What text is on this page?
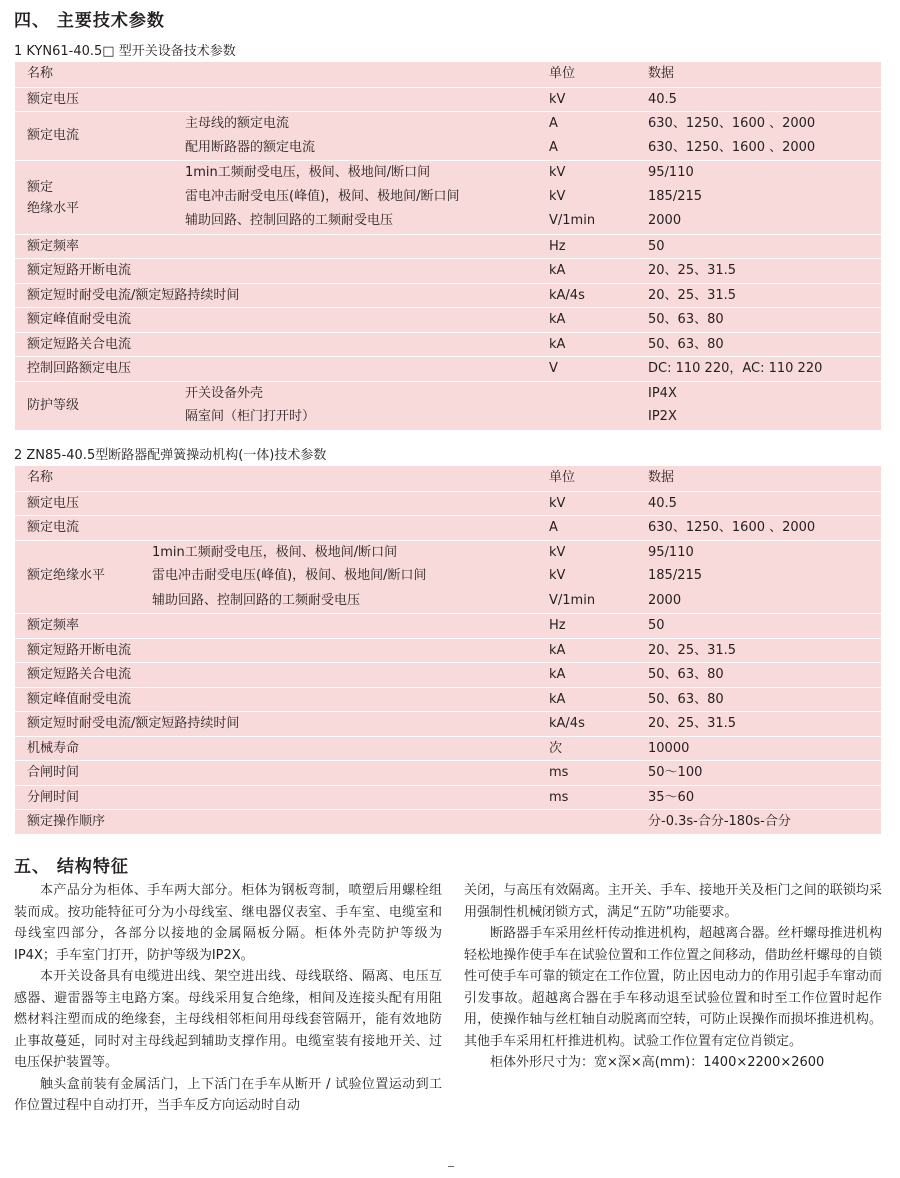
四、 主要技术参数
1 KYN61-40.5□ 型开关设备技术参数
名称	单位	数据
额定电压	kV	40.5
额定电流
主母线的额定电流	A	630、1250、1600 、2000
配用断路器的额定电流	A	630、1250、1600 、2000
额定
绝缘水平
1min工频耐受电压，极间、极地间/断口间	kV	95/110
雷电冲击耐受电压(峰值)，极间、极地间/断口间	kV	185/215
辅助回路、控制回路的工频耐受电压	V/1min	2000
额定频率	Hz	50
额定短路开断电流	kA	20、25、31.5
额定短时耐受电流/额定短路持续时间	kA/4s	20、25、31.5
额定峰值耐受电流	kA	50、63、80
额定短路关合电流	kA	50、63、80
控制回路额定电压	V	DC: 110 220，AC: 110 220
防护等级
开关设备外壳	IP4X
隔室间（柜门打开时）	IP2X
2 ZN85-40.5型断路器配弹簧操动机构(一体)技术参数
名称	单位	数据
额定电压	kV	40.5
额定电流	A	630、1250、1600 、2000
额定绝缘水平
1min工频耐受电压，极间、极地间/断口间	kV	95/110
雷电冲击耐受电压(峰值)，极间、极地间/断口间	kV	185/215
辅助回路、控制回路的工频耐受电压	V/1min	2000
额定频率	Hz	50
额定短路开断电流	kA	20、25、31.5
额定短路关合电流	kA	50、63、80
额定峰值耐受电流	kA	50、63、80
额定短时耐受电流/额定短路持续时间	kA/4s	20、25、31.5
机械寿命	次	10000
合闸时间	ms	50～100
分闸时间	ms	35～60
额定操作顺序	分-0.3s-合分-180s-合分
五、 结构特征

本产品分为柜体、手车两大部分。柜体为钢板弯制，喷塑后用螺栓组装而成。按功能特征可分为小母线室、继电器仪表室、手车室、电缆室和母线室四部分，各部分以接地的金属隔板分隔。柜体外壳防护等级为IP4X；手车室门打开，防护等级为IP2X。

本开关设备具有电缆进出线、架空进出线、母线联络、隔离、电压互感器、避雷器等主电路方案。母线采用复合绝缘，相间及连接头配有用阻燃材料注塑而成的绝缘套，主母线相邻柜间用母线套管隔开，能有效地防止事故蔓延，同时对主母线起到辅助支撑作用。电缆室装有接地开关、过电压保护装置等。

触头盒前装有金属活门，上下活门在手车从断开 / 试验位置运动到工作位置过程中自动打开，当手车反方向运动时自动

关闭，与高压有效隔离。主开关、手车、接地开关及柜门之间的联锁均采用强制性机械闭锁方式，满足“五防”功能要求。

断路器手车采用丝杆传动推进机构，超越离合器。丝杆螺母推进机构轻松地操作使手车在试验位置和工作位置之间移动，借助丝杆螺母的自锁性可使手车可靠的锁定在工作位置，防止因电动力的作用引起手车窜动而引发事故。超越离合器在手车移动退至试验位置和时至工作位置时起作用，使操作轴与丝杠轴自动脱离而空转，可防止误操作而损坏推进机构。其他手车采用杠杆推进机构。试验工作位置有定位肖锁定。

柜体外形尺寸为：宽×深×高(mm)：1400×2200×2600
